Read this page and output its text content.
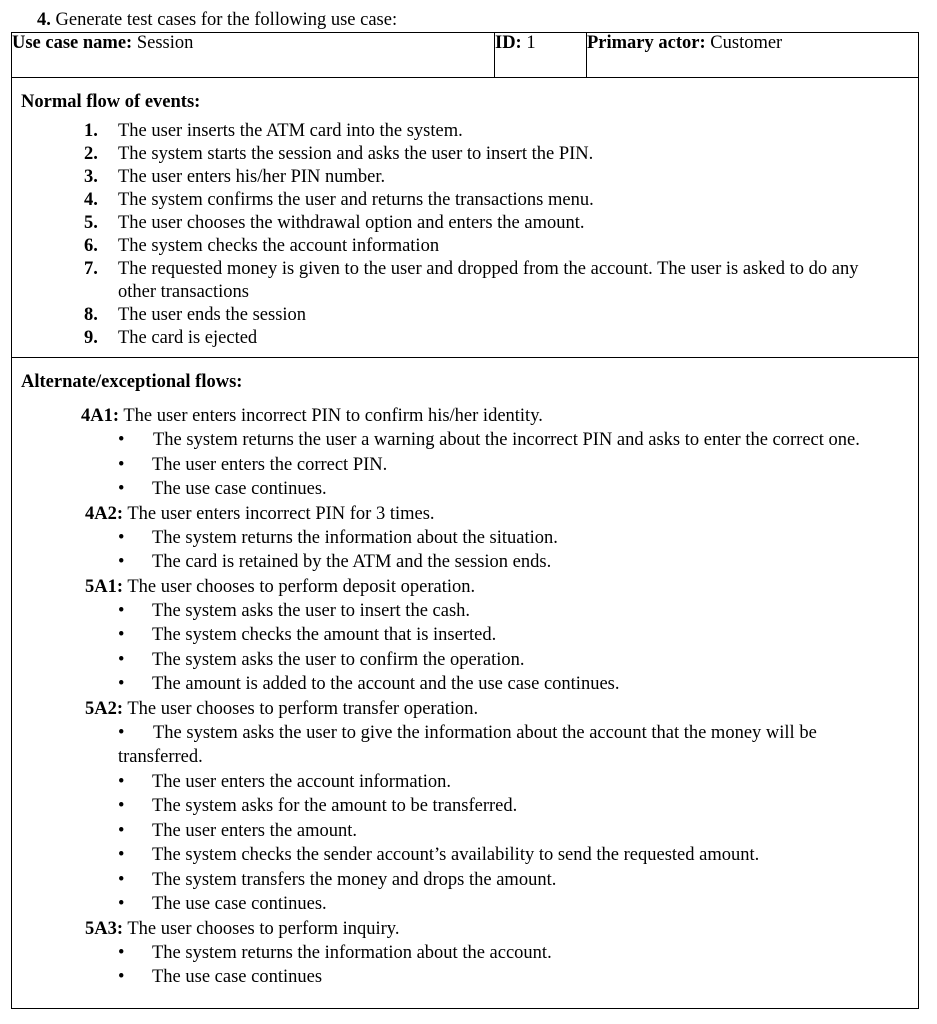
4. Generate test cases for the following use case:
Use case name: Session	ID: 1	Primary actor: Customer

Normal flow of events:
1.	The user inserts the ATM card into the system.
2.	The system starts the session and asks the user to insert the PIN.
3.	The user enters his/her PIN number.
4.	The system confirms the user and returns the transactions menu.
5.	The user chooses the withdrawal option and enters the amount.
6.	The system checks the account information
7.	The requested money is given to the user and dropped from the account. The user is asked to do any other transactions
8.	The user ends the session
9.	The card is ejected

Alternate/exceptional flows:
4A1: The user enters incorrect PIN to confirm his/her identity.
• The system returns the user a warning about the incorrect PIN and asks to enter the correct one.
• The user enters the correct PIN.
• The use case continues.
4A2: The user enters incorrect PIN for 3 times.
• The system returns the information about the situation.
• The card is retained by the ATM and the session ends.
5A1: The user chooses to perform deposit operation.
• The system asks the user to insert the cash.
• The system checks the amount that is inserted.
• The system asks the user to confirm the operation.
• The amount is added to the account and the use case continues.
5A2: The user chooses to perform transfer operation.
• The system asks the user to give the information about the account that the money will be transferred.
• The user enters the account information.
• The system asks for the amount to be transferred.
• The user enters the amount.
• The system checks the sender account’s availability to send the requested amount.
• The system transfers the money and drops the amount.
• The use case continues.
5A3: The user chooses to perform inquiry.
• The system returns the information about the account.
• The use case continues
